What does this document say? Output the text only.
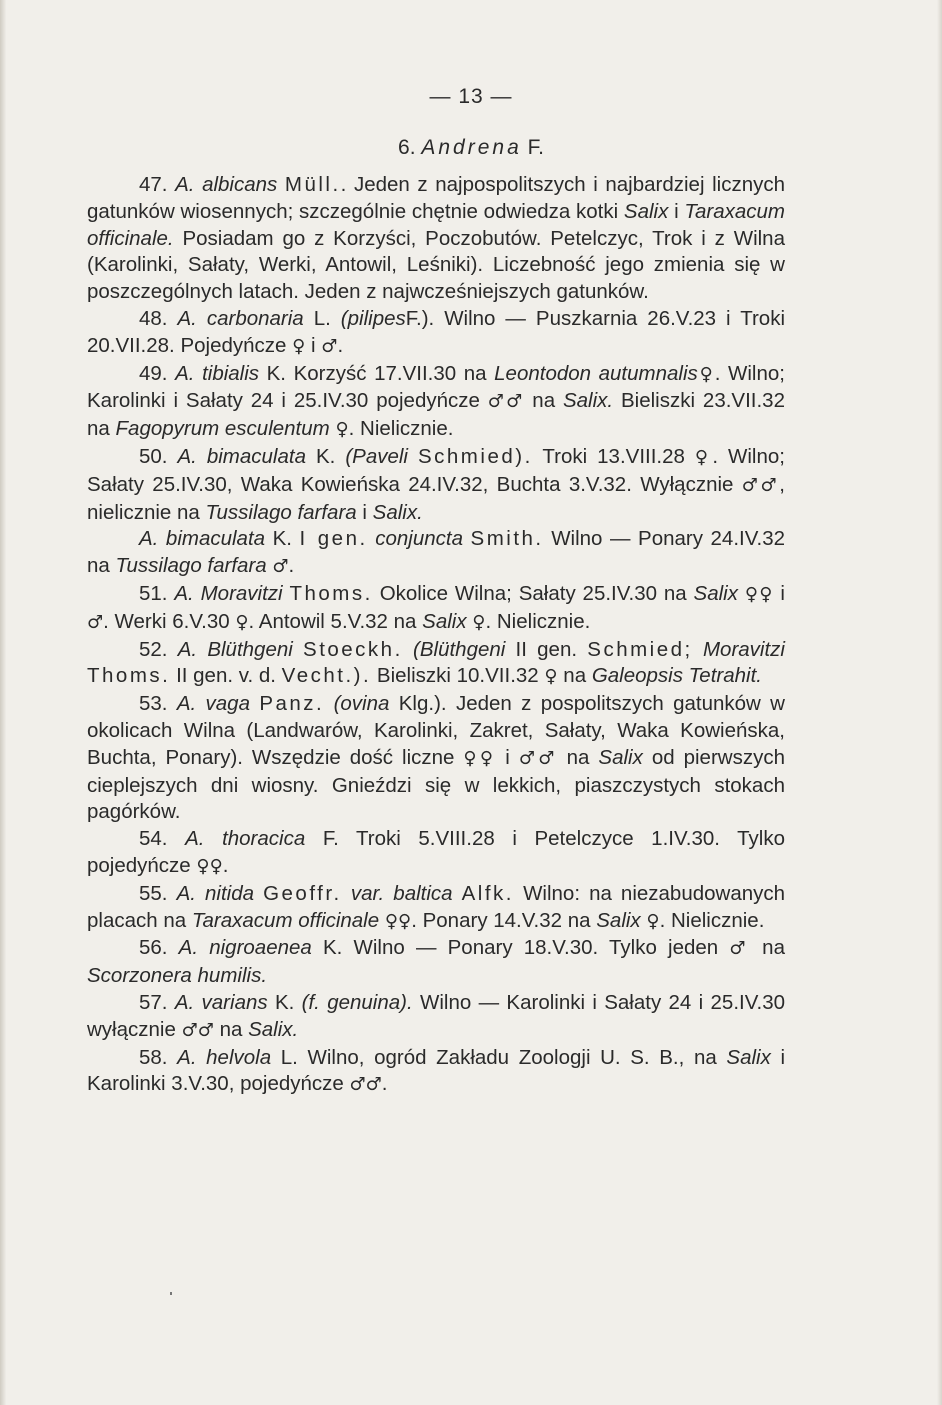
— 13 —
6. Andrena F.

47. A. albicans Müll.. Jeden z najpospolitszych i najbardziej licznych gatunków wiosennych; szczególnie chętnie odwiedza kotki Salix i Taraxacum officinale. Posiadam go z Korzyści, Poczobutów. Petelczyc, Trok i z Wilna (Karolinki, Sałaty, Werki, Antowil, Leśniki). Liczebność jego zmienia się w poszczególnych latach. Jeden z najwcześniejszych gatunków.

48. A. carbonaria L. (pilipesF.). Wilno — Puszkarnia 26.V.23 i Troki 20.VII.28. Pojedyńcze ♀ i ♂.

49. A. tibialis K. Korzyść 17.VII.30 na Leontodon autumnalis♀. Wilno; Karolinki i Sałaty 24 i 25.IV.30 pojedyńcze ♂♂ na Salix. Bieliszki 23.VII.32 na Fagopyrum esculentum ♀. Nielicznie.

50. A. bimaculata K. (Paveli Schmied). Troki 13.VIII.28 ♀. Wilno; Sałaty 25.IV.30, Waka Kowieńska 24.IV.32, Buchta 3.V.32. Wyłącznie ♂♂, nielicznie na Tussilago farfara i Salix.

A. bimaculata K. I gen. conjuncta Smith. Wilno — Ponary 24.IV.32 na Tussilago farfara ♂.

51. A. Moravitzi Thoms. Okolice Wilna; Sałaty 25.IV.30 na Salix ♀♀ i ♂. Werki 6.V.30 ♀. Antowil 5.V.32 na Salix ♀. Nielicznie.

52. A. Blüthgeni Stoeckh. (Blüthgeni II gen. Schmied; Moravitzi Thoms. II gen. v. d. Vecht.). Bieliszki 10.VII.32 ♀ na Galeopsis Tetrahit.

53. A. vaga Panz. (ovina Klg.). Jeden z pospolitszych gatunków w okolicach Wilna (Landwarów, Karolinki, Zakret, Sałaty, Waka Kowieńska, Buchta, Ponary). Wszędzie dość liczne ♀♀ i ♂♂ na Salix od pierwszych cieplejszych dni wiosny. Gnieździ się w lekkich, piaszczystych stokach pagórków.

54. A. thoracica F. Troki 5.VIII.28 i Petelczyce 1.IV.30. Tylko pojedyńcze ♀♀.

55. A. nitida Geoffr. var. baltica Alfk. Wilno: na niezabudowanych placach na Taraxacum officinale ♀♀. Ponary 14.V.32 na Salix ♀. Nielicznie.

56. A. nigroaenea K. Wilno — Ponary 18.V.30. Tylko jeden ♂ na Scorzonera humilis.

57. A. varians K. (f. genuina). Wilno — Karolinki i Sałaty 24 i 25.IV.30 wyłącznie ♂♂ na Salix.

58. A. helvola L. Wilno, ogród Zakładu Zoologji U. S. B., na Salix i Karolinki 3.V.30, pojedyńcze ♂♂.
